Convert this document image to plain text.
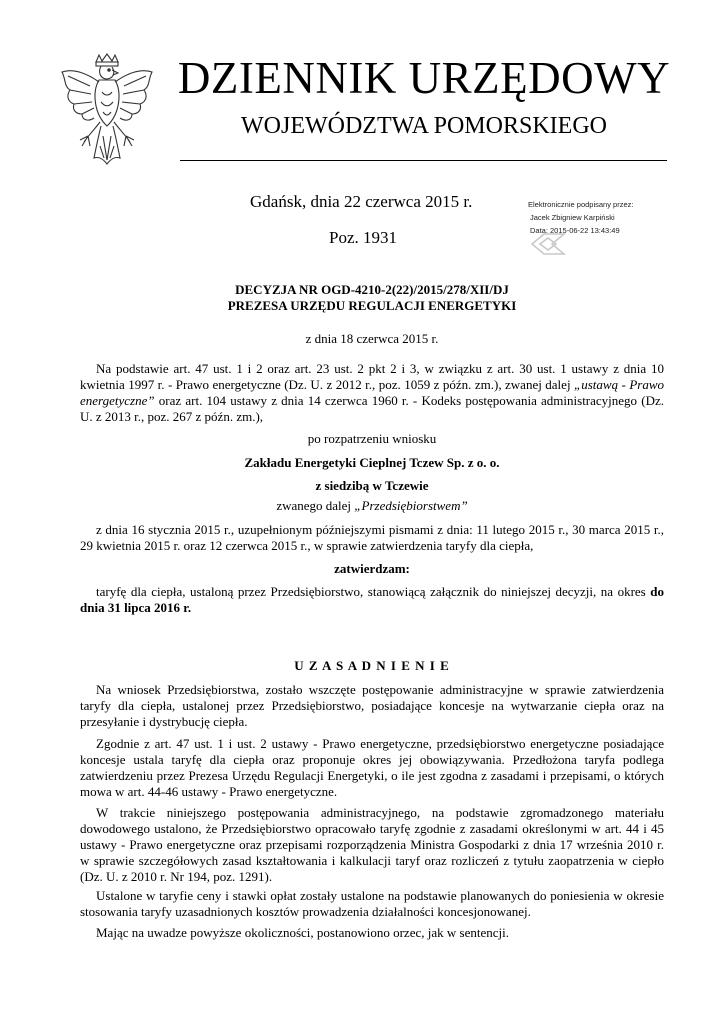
DZIENNIK URZĘDOWY
WOJEWÓDZTWA POMORSKIEGO
Gdańsk, dnia 22 czerwca 2015 r.
Poz. 1931
Elektronicznie podpisany przez:
Jacek Zbigniew Karpiński
Data: 2015-06-22 13:43:49
DECYZJA NR OGD-4210-2(22)/2015/278/XII/DJ
PREZESA URZĘDU REGULACJI ENERGETYKI
z dnia 18 czerwca 2015 r.
Na podstawie art. 47 ust. 1 i 2 oraz art. 23 ust. 2 pkt 2 i 3, w związku z art. 30 ust. 1 ustawy z dnia 10 kwietnia 1997 r. - Prawo energetyczne (Dz. U. z 2012 r., poz. 1059 z późn. zm.), zwanej dalej „ustawą - Prawo energetyczne” oraz art. 104 ustawy z dnia 14 czerwca 1960 r. - Kodeks postępowania administracyjnego (Dz. U. z 2013 r., poz. 267 z późn. zm.),
po rozpatrzeniu wniosku
Zakładu Energetyki Cieplnej Tczew Sp. z o. o.
z siedzibą w Tczewie
zwanego dalej „Przedsiębiorstwem”
z dnia 16 stycznia 2015 r., uzupełnionym późniejszymi pismami z dnia: 11 lutego 2015 r., 30 marca 2015 r., 29 kwietnia 2015 r. oraz 12 czerwca 2015 r., w sprawie zatwierdzenia taryfy dla ciepła,
zatwierdzam:
taryfę dla ciepła, ustaloną przez Przedsiębiorstwo, stanowiącą załącznik do niniejszej decyzji, na okres do dnia 31 lipca 2016 r.
U Z A S A D N I E N I E
Na wniosek Przedsiębiorstwa, zostało wszczęte postępowanie administracyjne w sprawie zatwierdzenia taryfy dla ciepła, ustalonej przez Przedsiębiorstwo, posiadające koncesje na wytwarzanie ciepła oraz na przesyłanie i dystrybucję ciepła.
Zgodnie z art. 47 ust. 1 i ust. 2 ustawy - Prawo energetyczne, przedsiębiorstwo energetyczne posiadające koncesje ustala taryfę dla ciepła oraz proponuje okres jej obowiązywania. Przedłożona taryfa podlega zatwierdzeniu przez Prezesa Urzędu Regulacji Energetyki, o ile jest zgodna z zasadami i przepisami, o których mowa w art. 44-46 ustawy - Prawo energetyczne.
W trakcie niniejszego postępowania administracyjnego, na podstawie zgromadzonego materiału dowodowego ustalono, że Przedsiębiorstwo opracowało taryfę zgodnie z zasadami określonymi w art. 44 i 45 ustawy - Prawo energetyczne oraz przepisami rozporządzenia Ministra Gospodarki z dnia 17 września 2010 r. w sprawie szczegółowych zasad kształtowania i kalkulacji taryf oraz rozliczeń z tytułu zaopatrzenia w ciepło (Dz. U. z 2010 r. Nr 194, poz. 1291).
Ustalone w taryfie ceny i stawki opłat zostały ustalone na podstawie planowanych do poniesienia w okresie stosowania taryfy uzasadnionych kosztów prowadzenia działalności koncesjonowanej.
Mając na uwadze powyższe okoliczności, postanowiono orzec, jak w sentencji.
